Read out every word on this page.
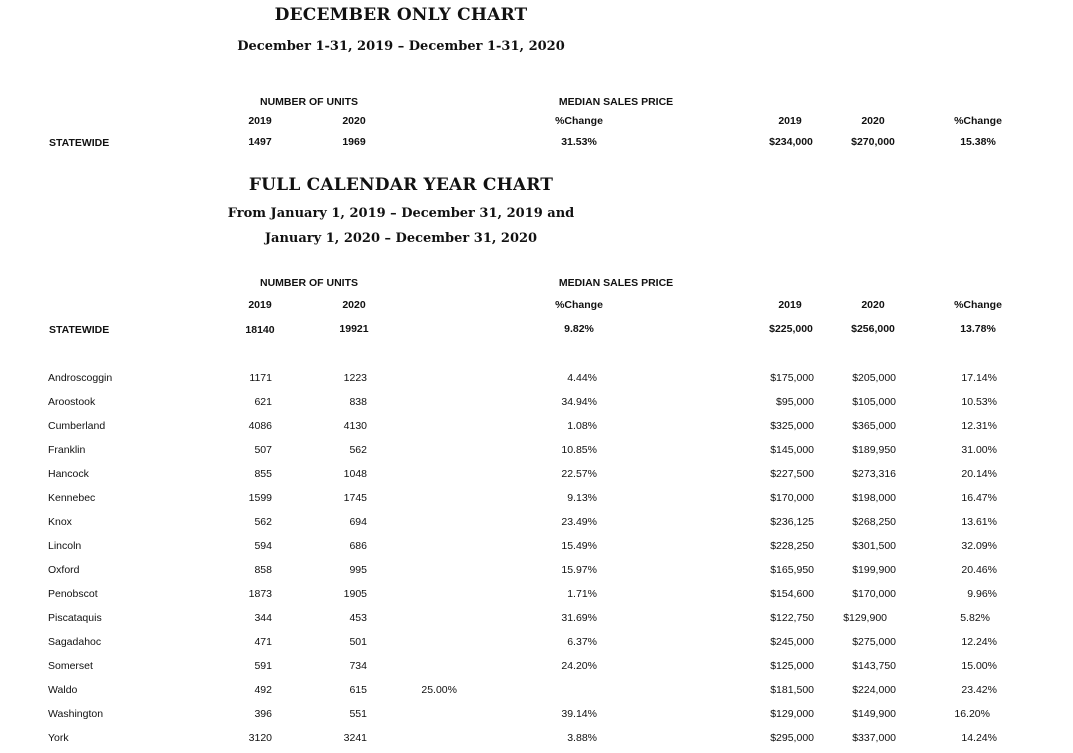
DECEMBER ONLY CHART
December 1-31, 2019 – December 1-31, 2020
NUMBER OF UNITS	MEDIAN SALES PRICE
2019	2020	%Change	2019	2020	%Change
STATEWIDE	1497	1969	31.53%	$234,000	$270,000	15.38%
FULL CALENDAR YEAR CHART
From January 1, 2019 – December 31, 2019 and
January 1, 2020 – December 31, 2020
NUMBER OF UNITS	MEDIAN SALES PRICE
2019	2020	%Change	2019	2020	%Change
STATEWIDE	18140	19921	9.82%	$225,000	$256,000	13.78%
Androscoggin	1171	1223	4.44%	$175,000	$205,000	17.14%
Aroostook	621	838	34.94%	$95,000	$105,000	10.53%
Cumberland	4086	4130	1.08%	$325,000	$365,000	12.31%
Franklin	507	562	10.85%	$145,000	$189,950	31.00%
Hancock	855	1048	22.57%	$227,500	$273,316	20.14%
Kennebec	1599	1745	9.13%	$170,000	$198,000	16.47%
Knox	562	694	23.49%	$236,125	$268,250	13.61%
Lincoln	594	686	15.49%	$228,250	$301,500	32.09%
Oxford	858	995	15.97%	$165,950	$199,900	20.46%
Penobscot	1873	1905	1.71%	$154,600	$170,000	9.96%
Piscataquis	344	453	31.69%	$122,750	$129,900	5.82%
Sagadahoc	471	501	6.37%	$245,000	$275,000	12.24%
Somerset	591	734	24.20%	$125,000	$143,750	15.00%
Waldo	492	615	25.00%	$181,500	$224,000	23.42%
Washington	396	551	39.14%	$129,000	$149,900	16.20%
York	3120	3241	3.88%	$295,000	$337,000	14.24%
